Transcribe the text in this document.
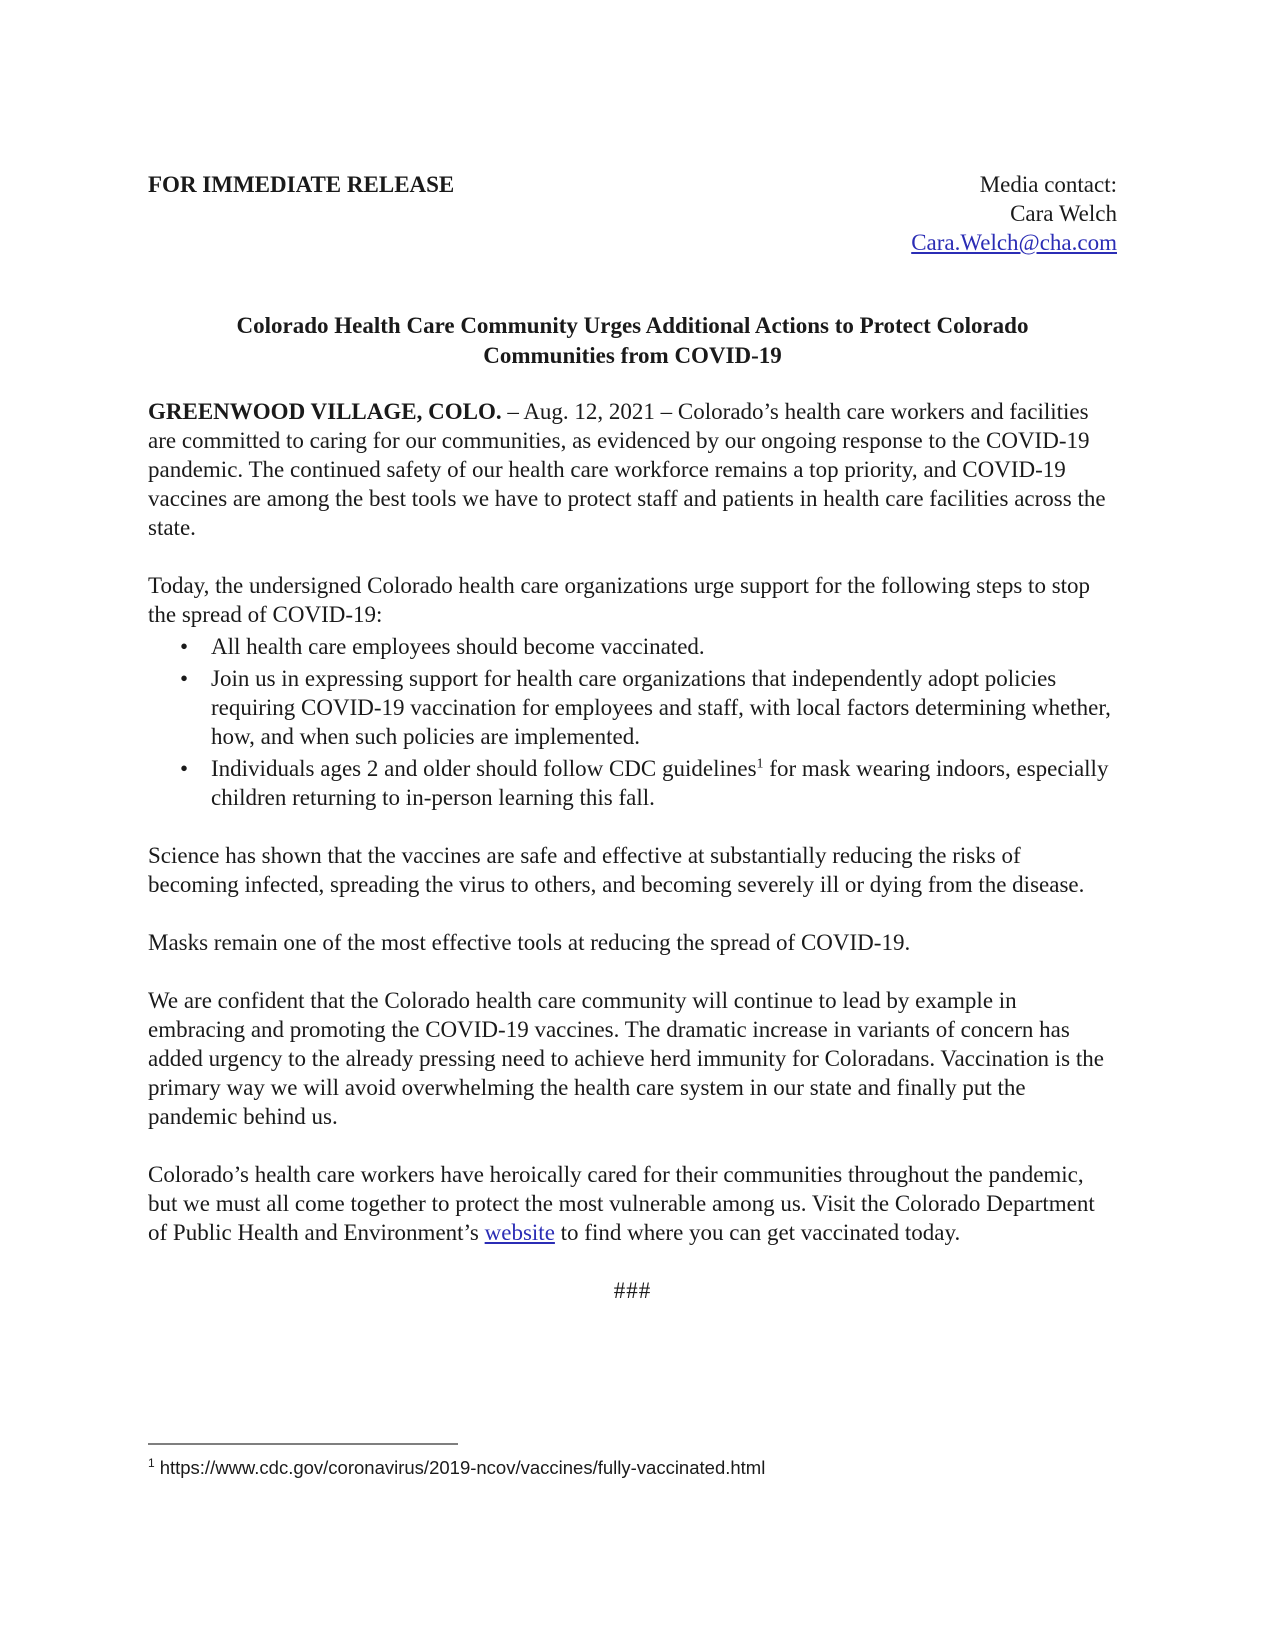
FOR IMMEDIATE RELEASE	Media contact:
Cara Welch
Cara.Welch@cha.com
Colorado Health Care Community Urges Additional Actions to Protect Colorado
Communities from COVID-19

GREENWOOD VILLAGE, COLO. – Aug. 12, 2021 – Colorado’s health care workers and facilities are committed to caring for our communities, as evidenced by our ongoing response to the COVID-19 pandemic. The continued safety of our health care workforce remains a top priority, and COVID-19 vaccines are among the best tools we have to protect staff and patients in health care facilities across the state.

Today, the undersigned Colorado health care organizations urge support for the following steps to stop the spread of COVID-19:

• All health care employees should become vaccinated.
• Join us in expressing support for health care organizations that independently adopt policies requiring COVID-19 vaccination for employees and staff, with local factors determining whether, how, and when such policies are implemented.
• Individuals ages 2 and older should follow CDC guidelines$^1$ for mask wearing indoors, especially children returning to in-person learning this fall.

Science has shown that the vaccines are safe and effective at substantially reducing the risks of becoming infected, spreading the virus to others, and becoming severely ill or dying from the disease.

Masks remain one of the most effective tools at reducing the spread of COVID-19.

We are confident that the Colorado health care community will continue to lead by example in embracing and promoting the COVID-19 vaccines. The dramatic increase in variants of concern has added urgency to the already pressing need to achieve herd immunity for Coloradans. Vaccination is the primary way we will avoid overwhelming the health care system in our state and finally put the pandemic behind us.

Colorado’s health care workers have heroically cared for their communities throughout the pandemic, but we must all come together to protect the most vulnerable among us. Visit the Colorado Department of Public Health and Environment’s website to find where you can get vaccinated today.

###
$^1$ https://www.cdc.gov/coronavirus/2019-ncov/vaccines/fully-vaccinated.html
